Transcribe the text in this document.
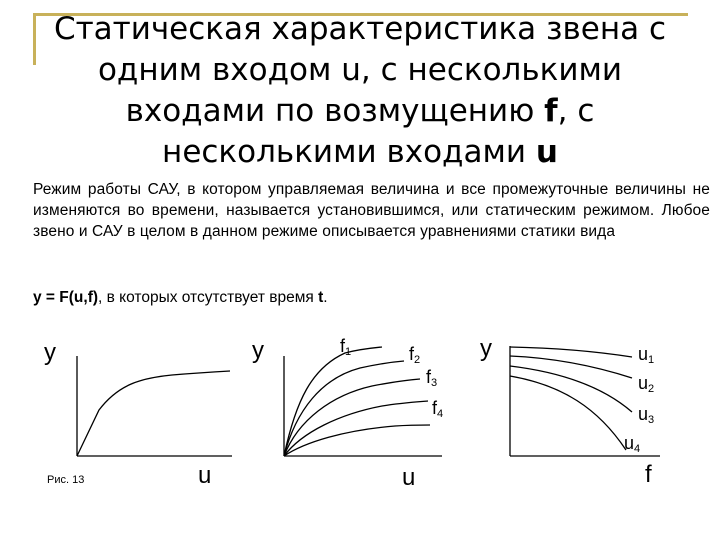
Статическая характеристика звена с
одним входом u, с несколькими
входами по возмущению f, с
несколькими входами u
Режим работы САУ, в котором управляемая величина и все промежуточные величины не изменяются во времени, называется установившимся, или статическим режимом. Любое звено и САУ в целом в данном режиме описывается уравнениями статики вида
y = F(u,f), в которых отсутствует время t.
y
u
y
u
f1	f2
f3
f4
y
f
u1
u2
u3
u4
Рис. 13
